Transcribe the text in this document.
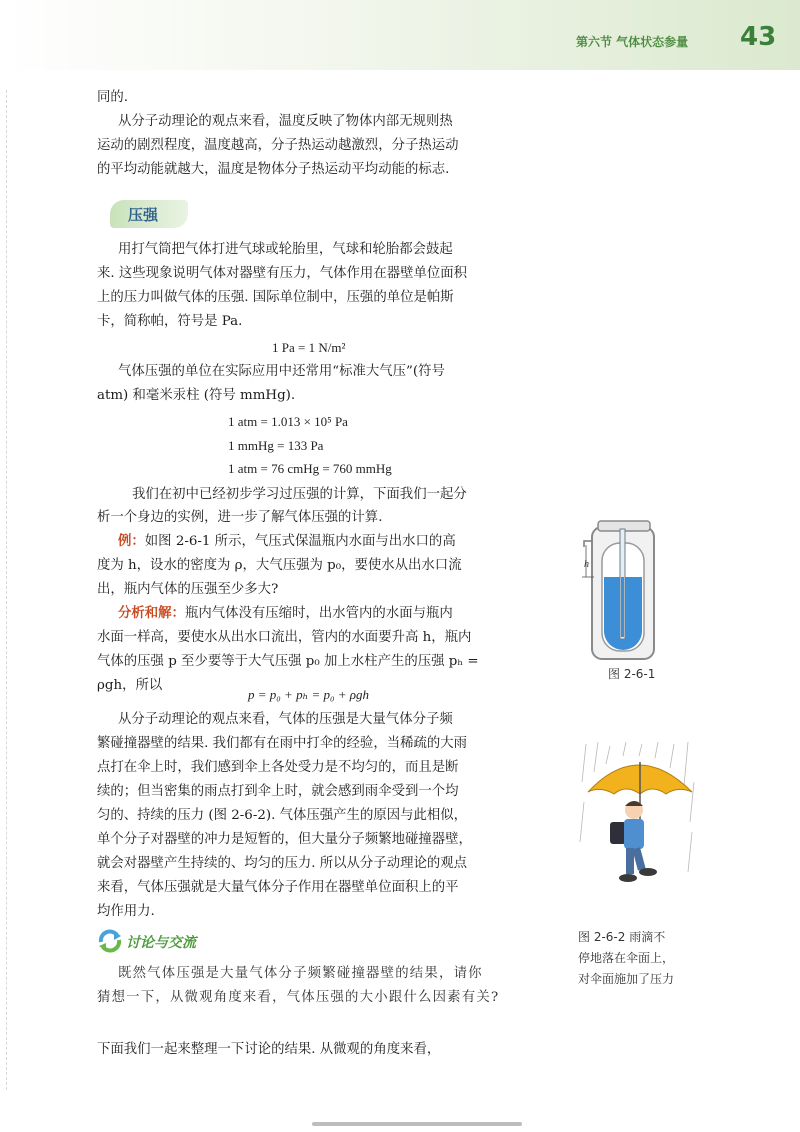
第六节 气体状态参量 43
同的.
从分子动理论的观点来看，温度反映了物体内部无规则热
运动的剧烈程度，温度越高，分子热运动越激烈，分子热运动
的平均动能就越大，温度是物体分子热运动平均动能的标志.
压强
用打气筒把气体打进气球或轮胎里，气球和轮胎都会鼓起
来. 这些现象说明气体对器壁有压力，气体作用在器壁单位面积
上的压力叫做气体的压强. 国际单位制中，压强的单位是帕斯
卡，简称帕，符号是 Pa.
1 Pa = 1 N/m²
气体压强的单位在实际应用中还常用“标准大气压”(符号
atm) 和毫米汞柱 (符号 mmHg).
1 atm = 1.013 × 10⁵ Pa
1 mmHg = 133 Pa
1 atm = 76 cmHg = 760 mmHg
我们在初中已经初步学习过压强的计算，下面我们一起分
析一个身边的实例，进一步了解气体压强的计算.
例：如图 2-6-1 所示，气压式保温瓶内水面与出水口的高
度为 h，设水的密度为 ρ，大气压强为 p₀，要使水从出水口流
出，瓶内气体的压强至少多大?
分析和解：瓶内气体没有压缩时，出水管内的水面与瓶内
水面一样高，要使水从出水口流出，管内的水面要升高 h，瓶内
气体的压强 p 至少要等于大气压强 p₀ 加上水柱产生的压强 pₕ =
ρgh，所以
p = p₀ + pₕ = p₀ + ρgh
从分子动理论的观点来看，气体的压强是大量气体分子频
繁碰撞器壁的结果. 我们都有在雨中打伞的经验，当稀疏的大雨
点打在伞上时，我们感到伞上各处受力是不均匀的，而且是断
续的；但当密集的雨点打到伞上时，就会感到雨伞受到一个均
匀的、持续的压力 (图 2-6-2). 气体压强产生的原因与此相似，
单个分子对器壁的冲力是短暂的，但大量分子频繁地碰撞器壁，
就会对器壁产生持续的、均匀的压力. 所以从分子动理论的观点
来看，气体压强就是大量气体分子作用在器壁单位面积上的平
均作用力.
讨论与交流
既然气体压强是大量气体分子频繁碰撞器壁的结果，请你
猜想一下，从微观角度来看，气体压强的大小跟什么因素有关?
下面我们一起来整理一下讨论的结果. 从微观的角度来看，
h
图 2-6-1
图 2-6-2 雨滴不
停地落在伞面上，
对伞面施加了压力
